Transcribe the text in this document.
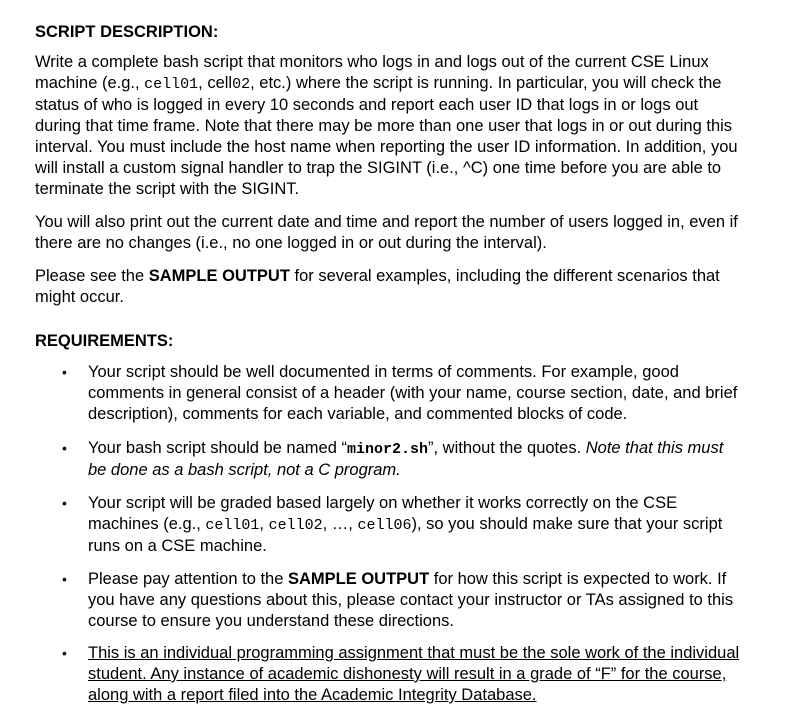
SCRIPT DESCRIPTION:
Write a complete bash script that monitors who logs in and logs out of the current CSE Linux machine (e.g., cell01, cell02, etc.) where the script is running. In particular, you will check the status of who is logged in every 10 seconds and report each user ID that logs in or logs out during that time frame. Note that there may be more than one user that logs in or out during this interval. You must include the host name when reporting the user ID information. In addition, you will install a custom signal handler to trap the SIGINT (i.e., ^C) one time before you are able to terminate the script with the SIGINT.
You will also print out the current date and time and report the number of users logged in, even if there are no changes (i.e., no one logged in or out during the interval).
Please see the SAMPLE OUTPUT for several examples, including the different scenarios that might occur.
REQUIREMENTS:
•	Your script should be well documented in terms of comments. For example, good comments in general consist of a header (with your name, course section, date, and brief description), comments for each variable, and commented blocks of code.
•	Your bash script should be named “minor2.sh”, without the quotes. Note that this must be done as a bash script, not a C program.
•	Your script will be graded based largely on whether it works correctly on the CSE machines (e.g., cell01, cell02, …, cell06), so you should make sure that your script runs on a CSE machine.
•	Please pay attention to the SAMPLE OUTPUT for how this script is expected to work. If you have any questions about this, please contact your instructor or TAs assigned to this course to ensure you understand these directions.
•	This is an individual programming assignment that must be the sole work of the individual student. Any instance of academic dishonesty will result in a grade of “F” for the course, along with a report filed into the Academic Integrity Database.
